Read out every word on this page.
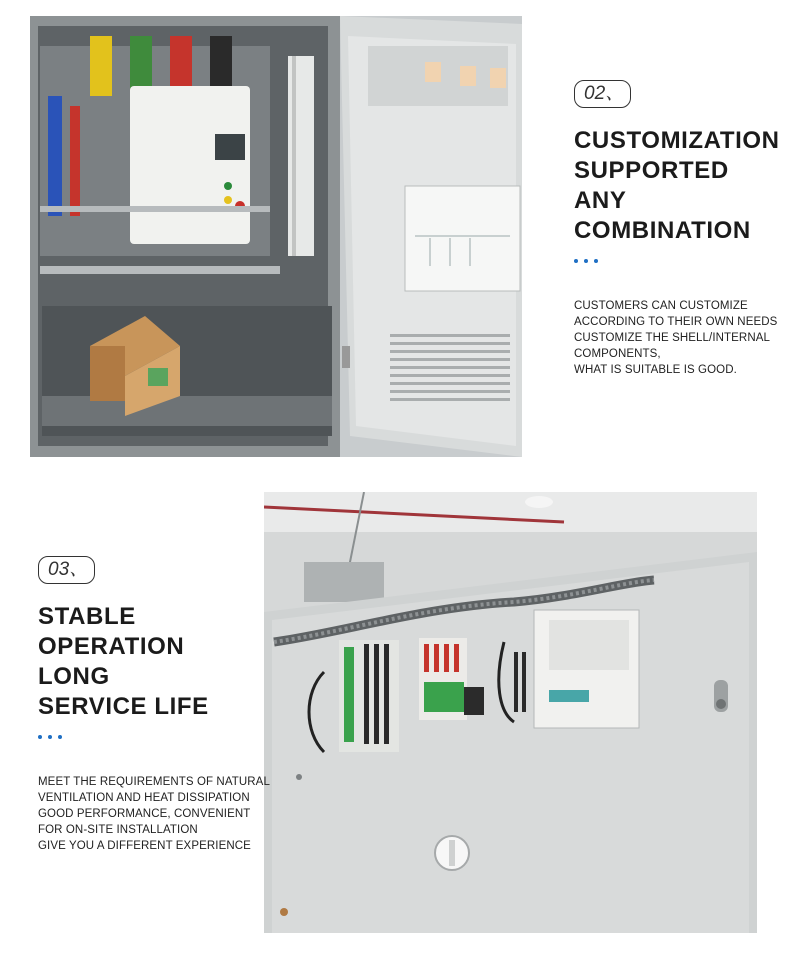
02、
CUSTOMIZATION
SUPPORTED
ANY
COMBINATION
CUSTOMERS CAN CUSTOMIZE
ACCORDING TO THEIR OWN NEEDS
CUSTOMIZE THE SHELL/INTERNAL
COMPONENTS,
WHAT IS SUITABLE IS GOOD.
03、
STABLE
OPERATION
LONG
SERVICE LIFE
MEET THE REQUIREMENTS OF NATURAL
VENTILATION AND HEAT DISSIPATION
GOOD PERFORMANCE, CONVENIENT
FOR ON-SITE INSTALLATION
GIVE YOU A DIFFERENT EXPERIENCE
